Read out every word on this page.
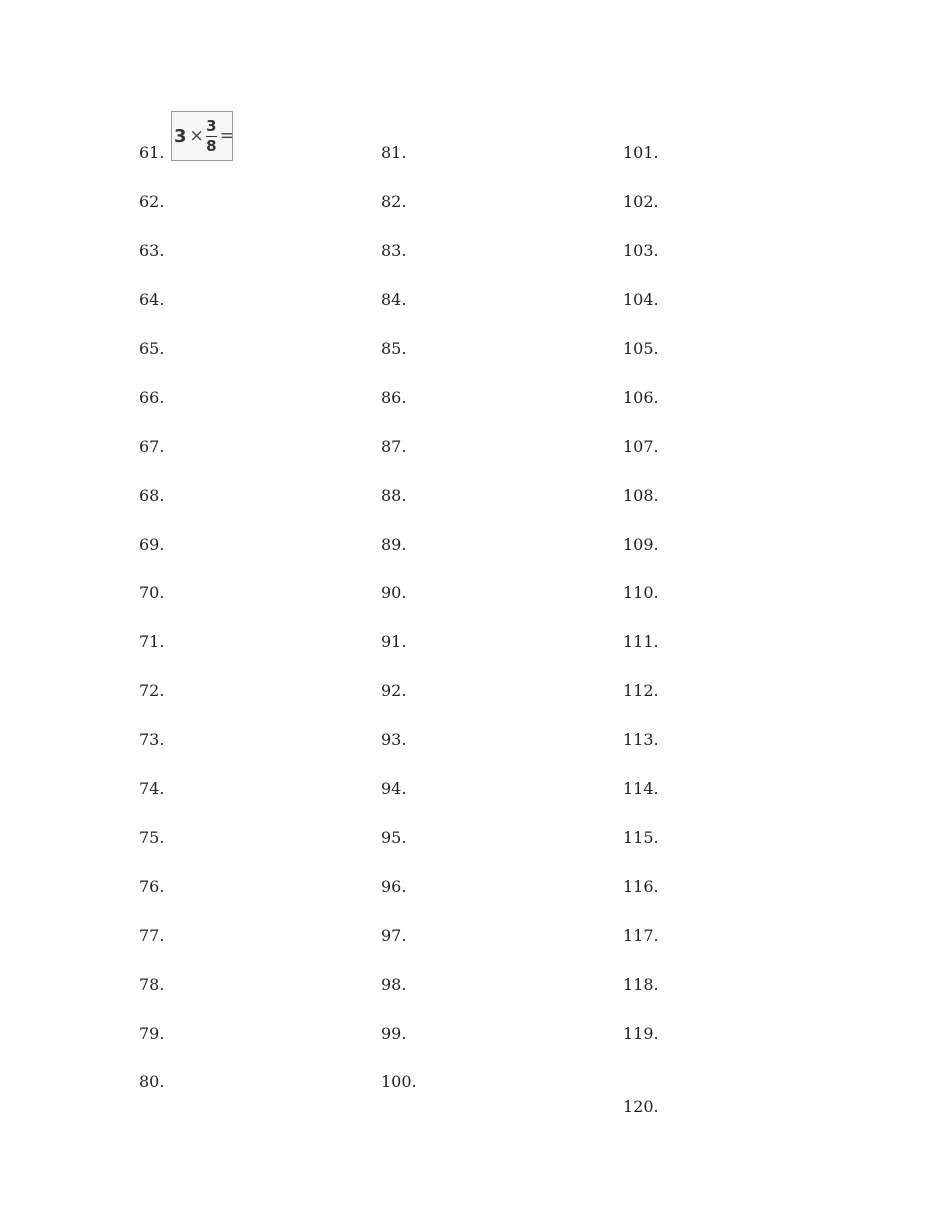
61.
62.
63.
64.
65.
66.
67.
68.
69.
70.
71.
72.
73.
74.
75.
76.
77.
78.
79.
80.
81.
82.
83.
84.
85.
86.
87.
88.
89.
90.
91.
92.
93.
94.
95.
96.
97.
98.
99.
100.
101.
102.
103.
104.
105.
106.
107.
108.
109.
110.
111.
112.
113.
114.
115.
116.
117.
118.
119.
120.
$3 \times \frac{3}{8}$ =
